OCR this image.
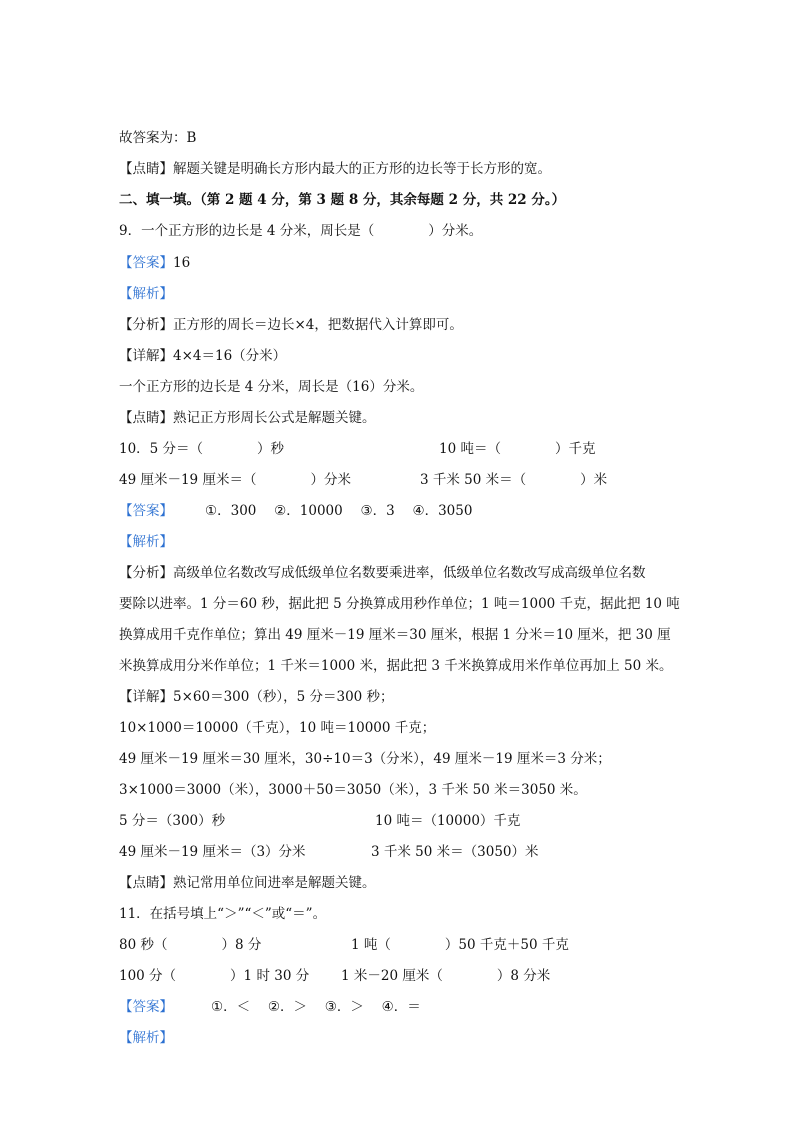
故答案为：B
【点睛】解题关键是明确长方形内最大的正方形的边长等于长方形的宽。
二、填一填。（第 2 题 4 分，第 3 题 8 分，其余每题 2 分，共 22 分。）
9．一个正方形的边长是 4 分米，周长是（　　　　）分米。
【答案】16
【解析】
【分析】正方形的周长＝边长×4，把数据代入计算即可。
【详解】4×4＝16（分米）
一个正方形的边长是 4 分米，周长是（16）分米。
【点睛】熟记正方形周长公式是解题关键。
10．5 分＝（　　　　）秒	10 吨＝（　　　　）千克
49 厘米－19 厘米＝（　　　　）分米	3 千米 50 米＝（　　　　）米
【答案】 ①．300　 ②．10000　 ③．3　 ④．3050
【解析】
【分析】高级单位名数改写成低级单位名数要乘进率，低级单位名数改写成高级单位名数
要除以进率。1 分＝60 秒，据此把 5 分换算成用秒作单位；1 吨＝1000 千克，据此把 10 吨
换算成用千克作单位；算出 49 厘米－19 厘米＝30 厘米，根据 1 分米＝10 厘米，把 30 厘
米换算成用分米作单位；1 千米＝1000 米，据此把 3 千米换算成用米作单位再加上 50 米。
【详解】5×60＝300（秒），5 分＝300 秒；
10×1000＝10000（千克），10 吨＝10000 千克；
49 厘米－19 厘米＝30 厘米，30÷10＝3（分米），49 厘米－19 厘米＝3 分米；
3×1000＝3000（米），3000＋50＝3050（米），3 千米 50 米＝3050 米。
5 分＝（300）秒	10 吨＝（10000）千克
49 厘米－19 厘米＝（3）分米	3 千米 50 米＝（3050）米
【点睛】熟记常用单位间进率是解题关键。
11．在括号填上“＞”“＜”或“＝”。
80 秒（　　　　）8 分	1 吨（　　　　）50 千克＋50 千克
100 分（　　　　）1 时 30 分 1 米－20 厘米（　　　　）8 分米
【答案】	①．＜　 ②．＞　 ③．＞　 ④．＝
【解析】
